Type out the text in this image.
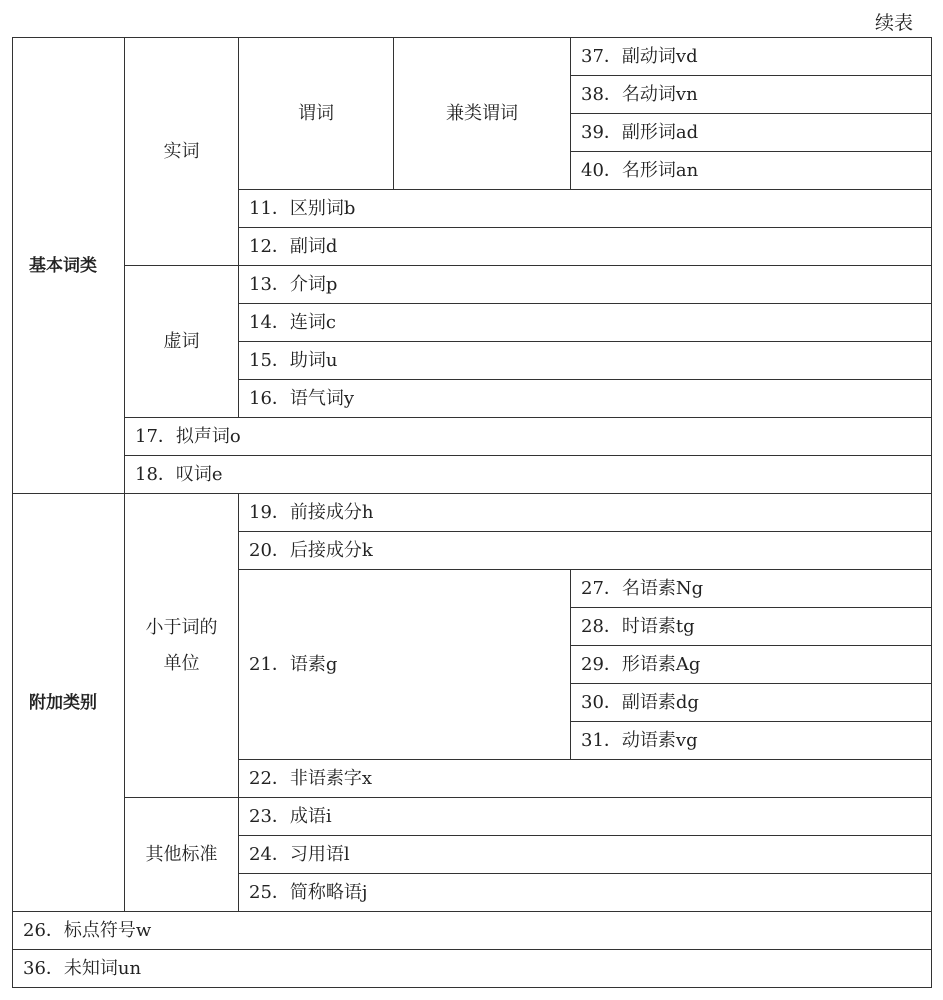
续表
基本词类	实词	谓词	兼类谓词	37．副动词vd
				38．名动词vn
				39．副形词ad
				40．名形词an
		11．区别词b		
		12．副词d		
	虚词	13．介词p		
		14．连词c		
		15．助词u		
		16．语气词y		
	17．拟声词o			
	18．叹词e			
附加类别	小于词的单位	19．前接成分h		
		20．后接成分k		
		21．语素g		27．名语素Ng
				28．时语素tg
				29．形语素Ag
				30．副语素dg
				31．动语素vg
		22．非语素字x		
	其他标准	23．成语i		
		24．习用语l		
		25．简称略语j		
26．标点符号w				
36．未知词un				
